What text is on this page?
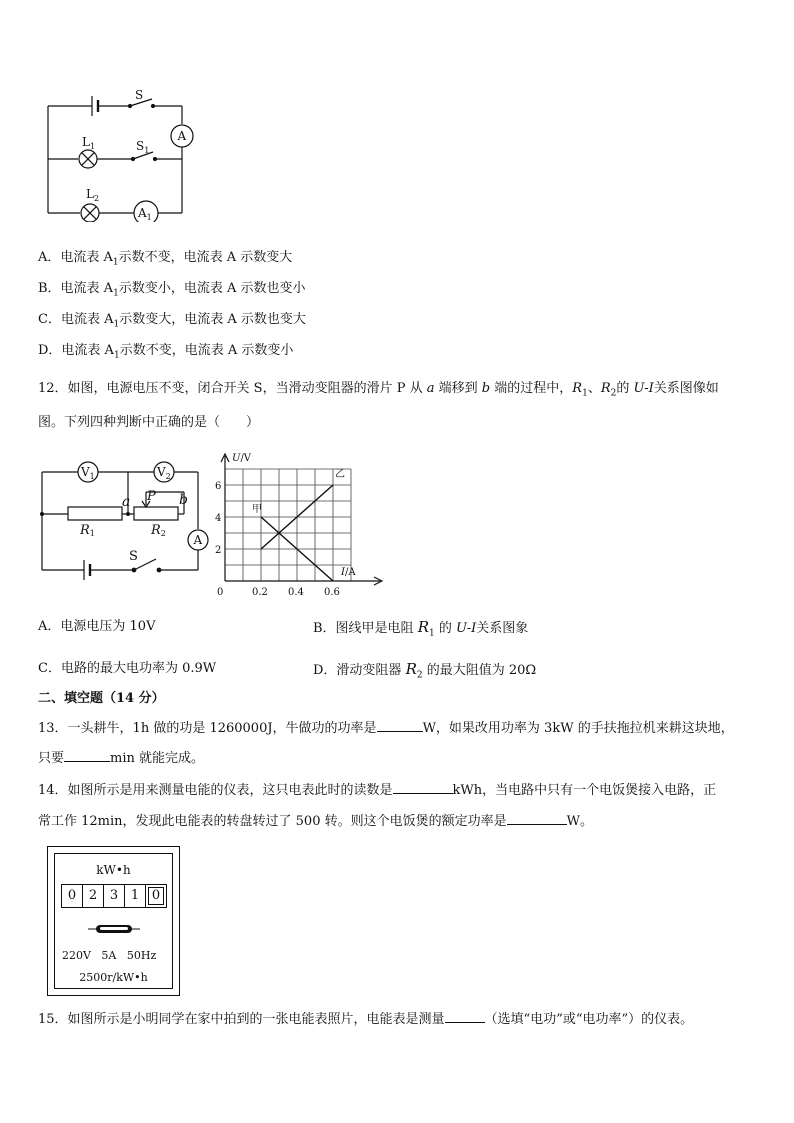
S
$S_1$
$L_1$
$L_2$
A
$A_1$
A．电流表 $A_1$示数不变，电流表 A 示数变大
B．电流表 $A_1$示数变小，电流表 A 示数也变小
C．电流表 $A_1$示数变大，电流表 A 示数也变大
D．电流表 $A_1$示数不变，电流表 A 示数变小
12．如图，电源电压不变，闭合开关 S，当滑动变阻器的滑片 P 从 a 端移到 b 端的过程中，$R_1$、$R_2$的 U-I关系图像如
图。下列四种判断中正确的是（　　）
$V_1$	$V_2$
a P b
R1	R2 A
S	2
4
6
0	0.2 0.4 0.6
U/V
I/A
甲
乙
A．电源电压为 10V	B．图线甲是电阻 $R_1$ 的 U-I关系图象
C．电路的最大电功率为 0.9W	D．滑动变阻器 $R_2$ 的最大阻值为 20Ω
二、填空题（14 分）
13．一头耕牛，1h 做的功是 1260000J，牛做功的功率是	W，如果改用功率为 3kW 的手扶拖拉机来耕这块地，
只要	min 就能完成。
14．如图所示是用来测量电能的仪表，这只电表此时的读数是	kWh，当电路中只有一个电饭煲接入电路，正
常工作 12min，发现此电能表的转盘转过了 500 转。则这个电饭煲的额定功率是	W。
kW•h
0 2 3 1 0
220V   5A   50Hz
2500r/kW•h
15．如图所示是小明同学在家中拍到的一张电能表照片，电能表是测量	（选填“电功”或“电功率”）的仪表。
